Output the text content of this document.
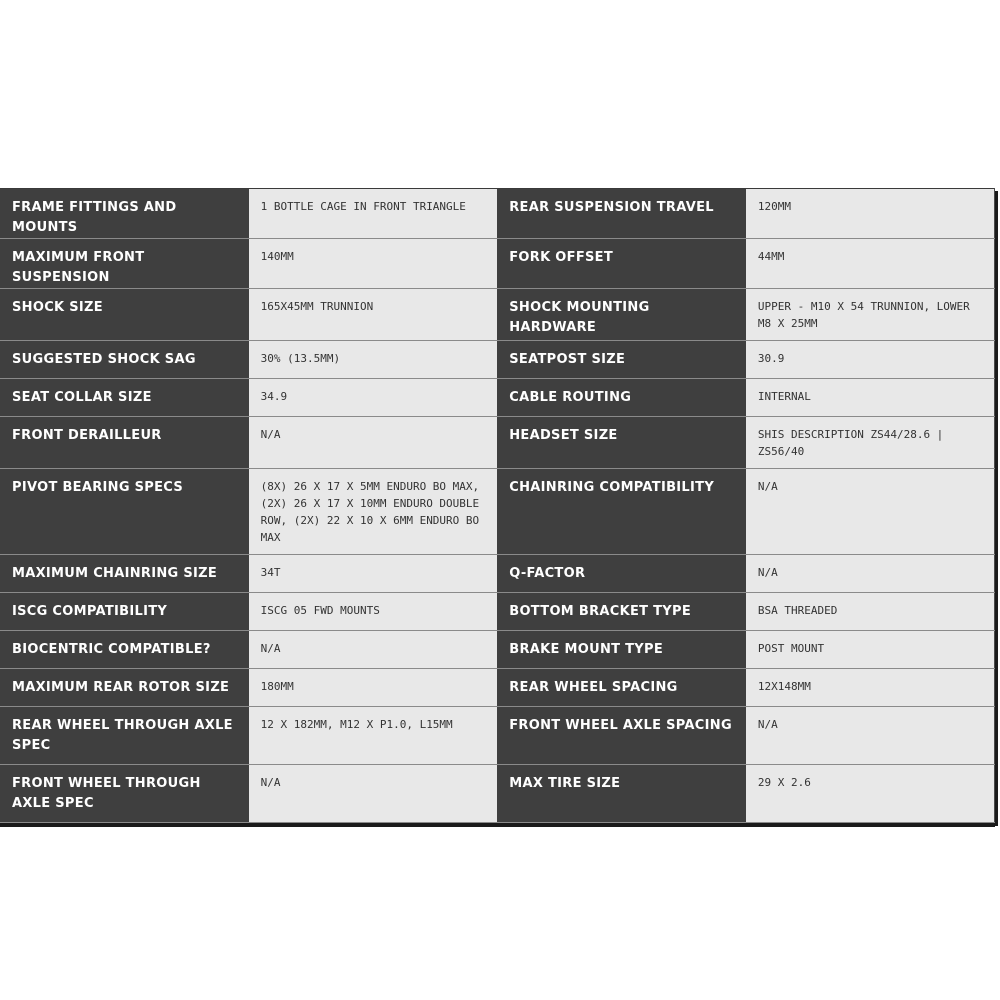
FRAME FITTINGS AND MOUNTS	1 BOTTLE CAGE IN FRONT TRIANGLE	REAR SUSPENSION TRAVEL	120MM
MAXIMUM FRONT SUSPENSION	140MM	FORK OFFSET	44MM
SHOCK SIZE	165X45MM TRUNNION	SHOCK MOUNTING HARDWARE	UPPER - M10 X 54 TRUNNION, LOWER M8 X 25MM
SUGGESTED SHOCK SAG	30% (13.5MM)	SEATPOST SIZE	30.9
SEAT COLLAR SIZE	34.9	CABLE ROUTING	INTERNAL
FRONT DERAILLEUR	N/A	HEADSET SIZE	SHIS DESCRIPTION ZS44/28.6 | ZS56/40
PIVOT BEARING SPECS	(8X) 26 X 17 X 5MM ENDURO BO MAX, (2X) 26 X 17 X 10MM ENDURO DOUBLE ROW, (2X) 22 X 10 X 6MM ENDURO BO MAX	CHAINRING COMPATIBILITY	N/A
MAXIMUM CHAINRING SIZE	34T	Q-FACTOR	N/A
ISCG COMPATIBILITY	ISCG 05 FWD MOUNTS	BOTTOM BRACKET TYPE	BSA THREADED
BIOCENTRIC COMPATIBLE?	N/A	BRAKE MOUNT TYPE	POST MOUNT
MAXIMUM REAR ROTOR SIZE	180MM	REAR WHEEL SPACING	12X148MM
REAR WHEEL THROUGH AXLE SPEC	12 X 182MM, M12 X P1.0, L15MM	FRONT WHEEL AXLE SPACING	N/A
FRONT WHEEL THROUGH AXLE SPEC	N/A	MAX TIRE SIZE	29 X 2.6
